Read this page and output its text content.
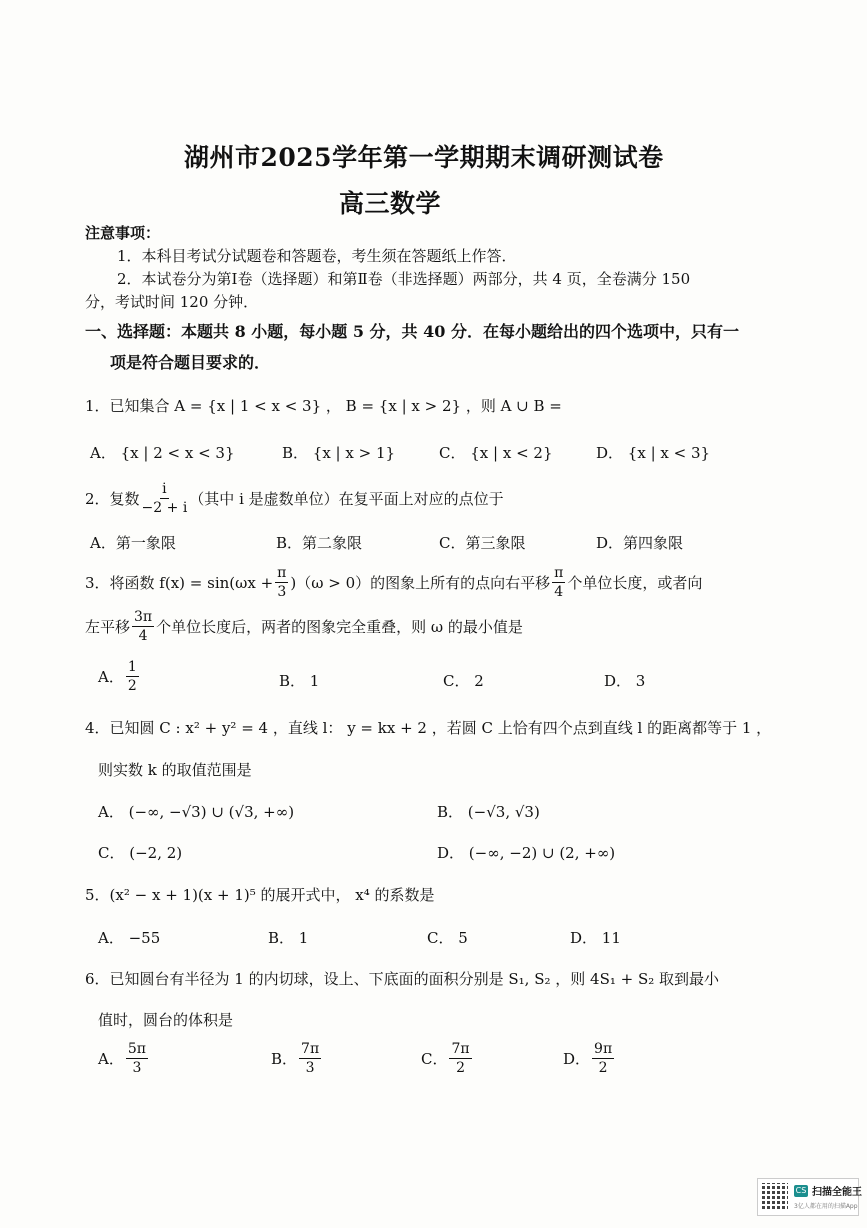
湖州市2025学年第一学期期末调研测试卷
高三数学
注意事项：
1．本科目考试分试题卷和答题卷，考生须在答题纸上作答．
2．本试卷分为第Ⅰ卷（选择题）和第Ⅱ卷（非选择题）两部分，共 4 页，全卷满分 150
分，考试时间 120 分钟．
一、选择题：本题共 8 小题，每小题 5 分，共 40 分．在每小题给出的四个选项中，只有一
项是符合题目要求的．
1．已知集合 A = {x | 1 < x < 3} ， B = {x | x > 2} ，则 A ∪ B =
A． {x | 2 < x < 3}	B． {x | x > 1}	C． {x | x < 2}	D． {x | x < 3}
2．复数 $\frac{i}{-2 + i}$ （其中 i 是虚数单位）在复平面上对应的点位于
A．第一象限	B．第二象限	C．第三象限	D．第四象限
3．将函数 $f(x) = \sin(\omega x + \frac{\pi}{3} )(\omega > 0)$的图象上所有的点向右平移 $\frac{\pi}{4}$ 个单位长度，或者向
左平移 $\frac{3\pi}{4}$ 个单位长度后，两者的图象完全重叠，则 ω 的最小值是
A． $\frac{1}{2}$	B． 1	C． 2	D． 3
4．已知圆 C : x² + y² = 4 ，直线 l： y = kx + 2 ，若圆 C 上恰有四个点到直线 l 的距离都等于 1 ，
则实数 k 的取值范围是
A． (−∞, −√3) ∪ (√3, +∞)	B． (−√3, √3)
C． (−2, 2)	D． (−∞, −2) ∪ (2, +∞)
5．(x² − x + 1)(x + 1)⁵ 的展开式中， x⁴ 的系数是
A． −55	B． 1	C． 5	D． 11
6．已知圆台有半径为 1 的内切球，设上、下底面的面积分别是 S₁, S₂ ，则 4S₁ + S₂ 取到最小
值时，圆台的体积是
A． $\frac{5\pi}{3}$	B． $\frac{7\pi}{3}$	C． $\frac{7\pi}{2}$	D． $\frac{9\pi}{2}$
CS 扫描全能王
3亿人都在用的扫描App
